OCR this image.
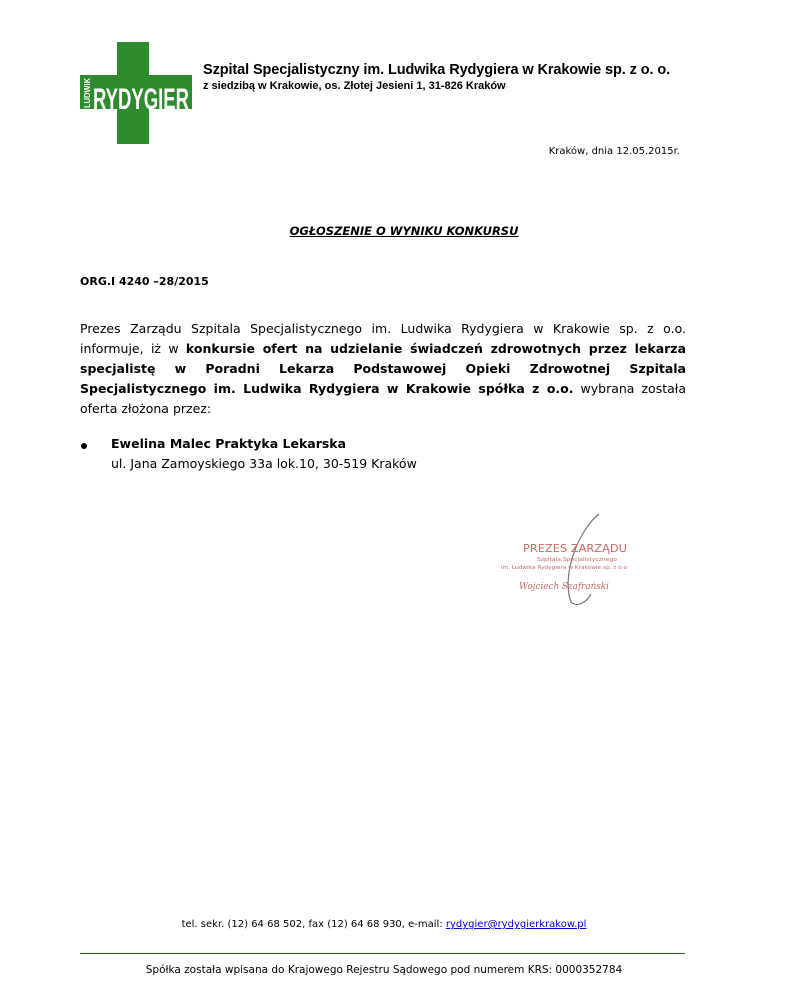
RYDYGIER
LUDWIK
Szpital Specjalistyczny im. Ludwika Rydygiera w Krakowie sp. z o. o.
z siedzibą w Krakowie, os. Złotej Jesieni 1, 31-826 Kraków
Kraków, dnia 12.05.2015r.
OGŁOSZENIE O WYNIKU KONKURSU
ORG.I 4240 –28/2015
Prezes Zarządu Szpitala Specjalistycznego im. Ludwika Rydygiera w Krakowie sp. z o.o. informuje, iż w konkursie ofert na udzielanie świadczeń zdrowotnych przez lekarza specjalistę w Poradni Lekarza Podstawowej Opieki Zdrowotnej Szpitala Specjalistycznego im. Ludwika Rydygiera w Krakowie spółka z o.o. wybrana została oferta złożona przez:
Ewelina Malec Praktyka Lekarska
ul. Jana Zamoyskiego 33a lok.10, 30-519 Kraków
PREZES ZARZĄDU
Szpitala Specjalistycznego
im. Ludwika Rydygiera w Krakowie sp. z o.o
Wojciech Szafrański
tel. sekr. (12) 64 68 502, fax (12) 64 68 930, e-mail: rydygier@rydygierkrakow.pl
Spółka została wpisana do Krajowego Rejestru Sądowego pod numerem KRS: 0000352784
